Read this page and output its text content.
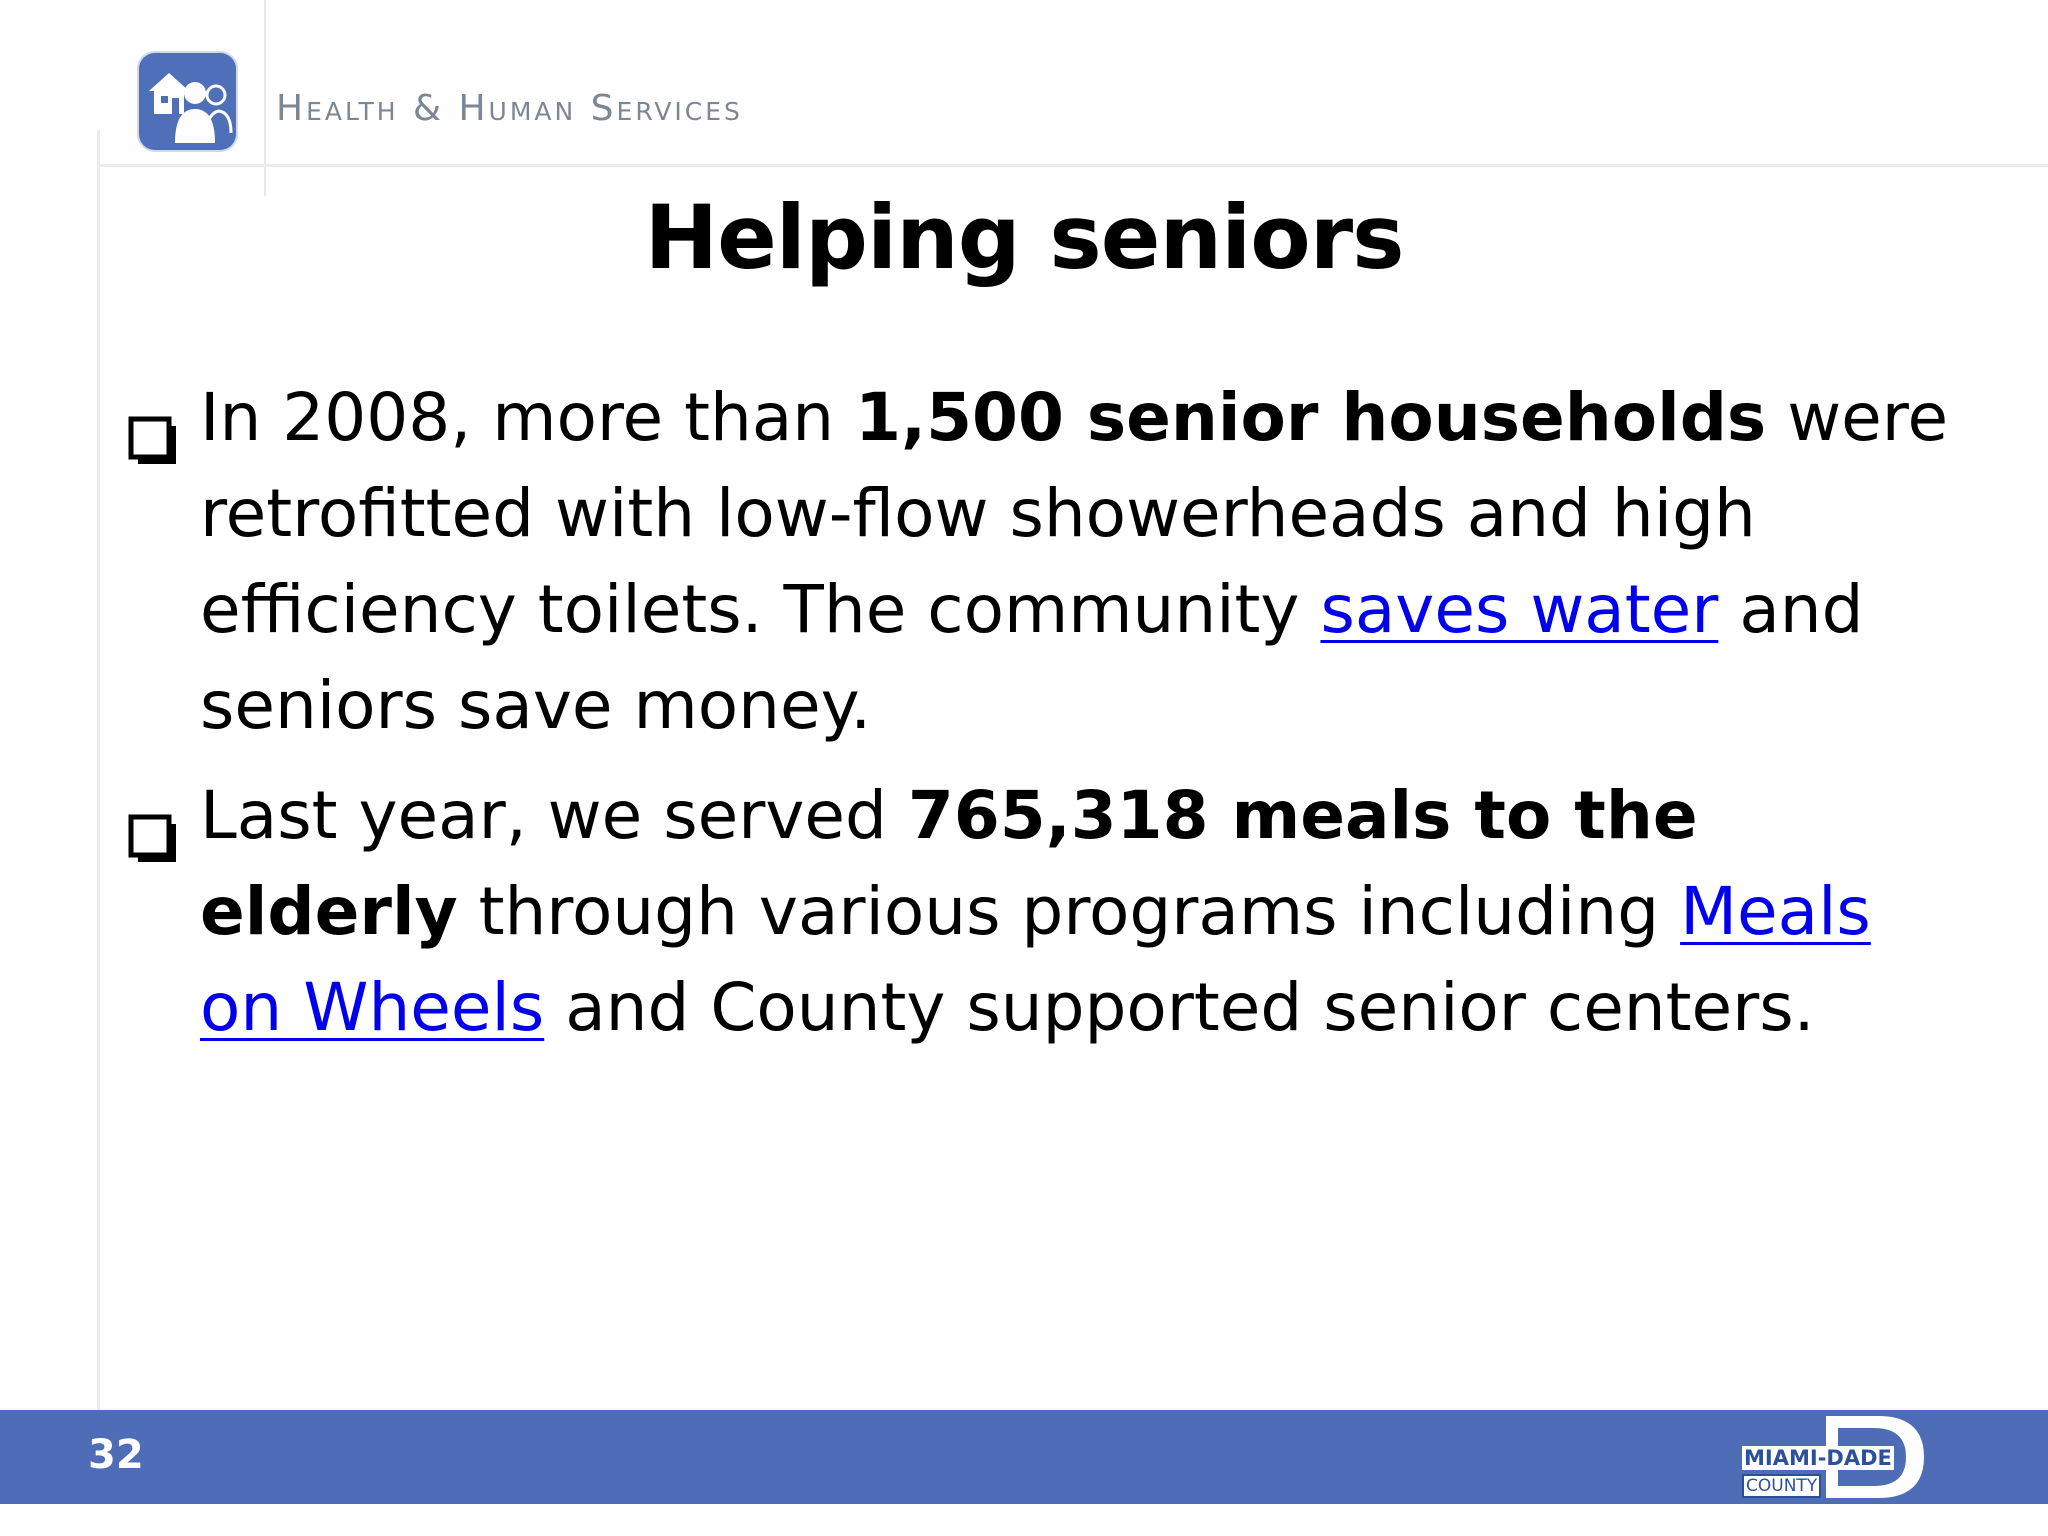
Health & Human Services
Helping seniors
In 2008, more than 1,500 senior households were retrofitted with low-flow showerheads and high efficiency toilets. The community saves water and seniors save money.
Last year, we served 765,318 meals to the elderly through various programs including Meals on Wheels and County supported senior centers.
32	MIAMI-DADE
COUNTY
